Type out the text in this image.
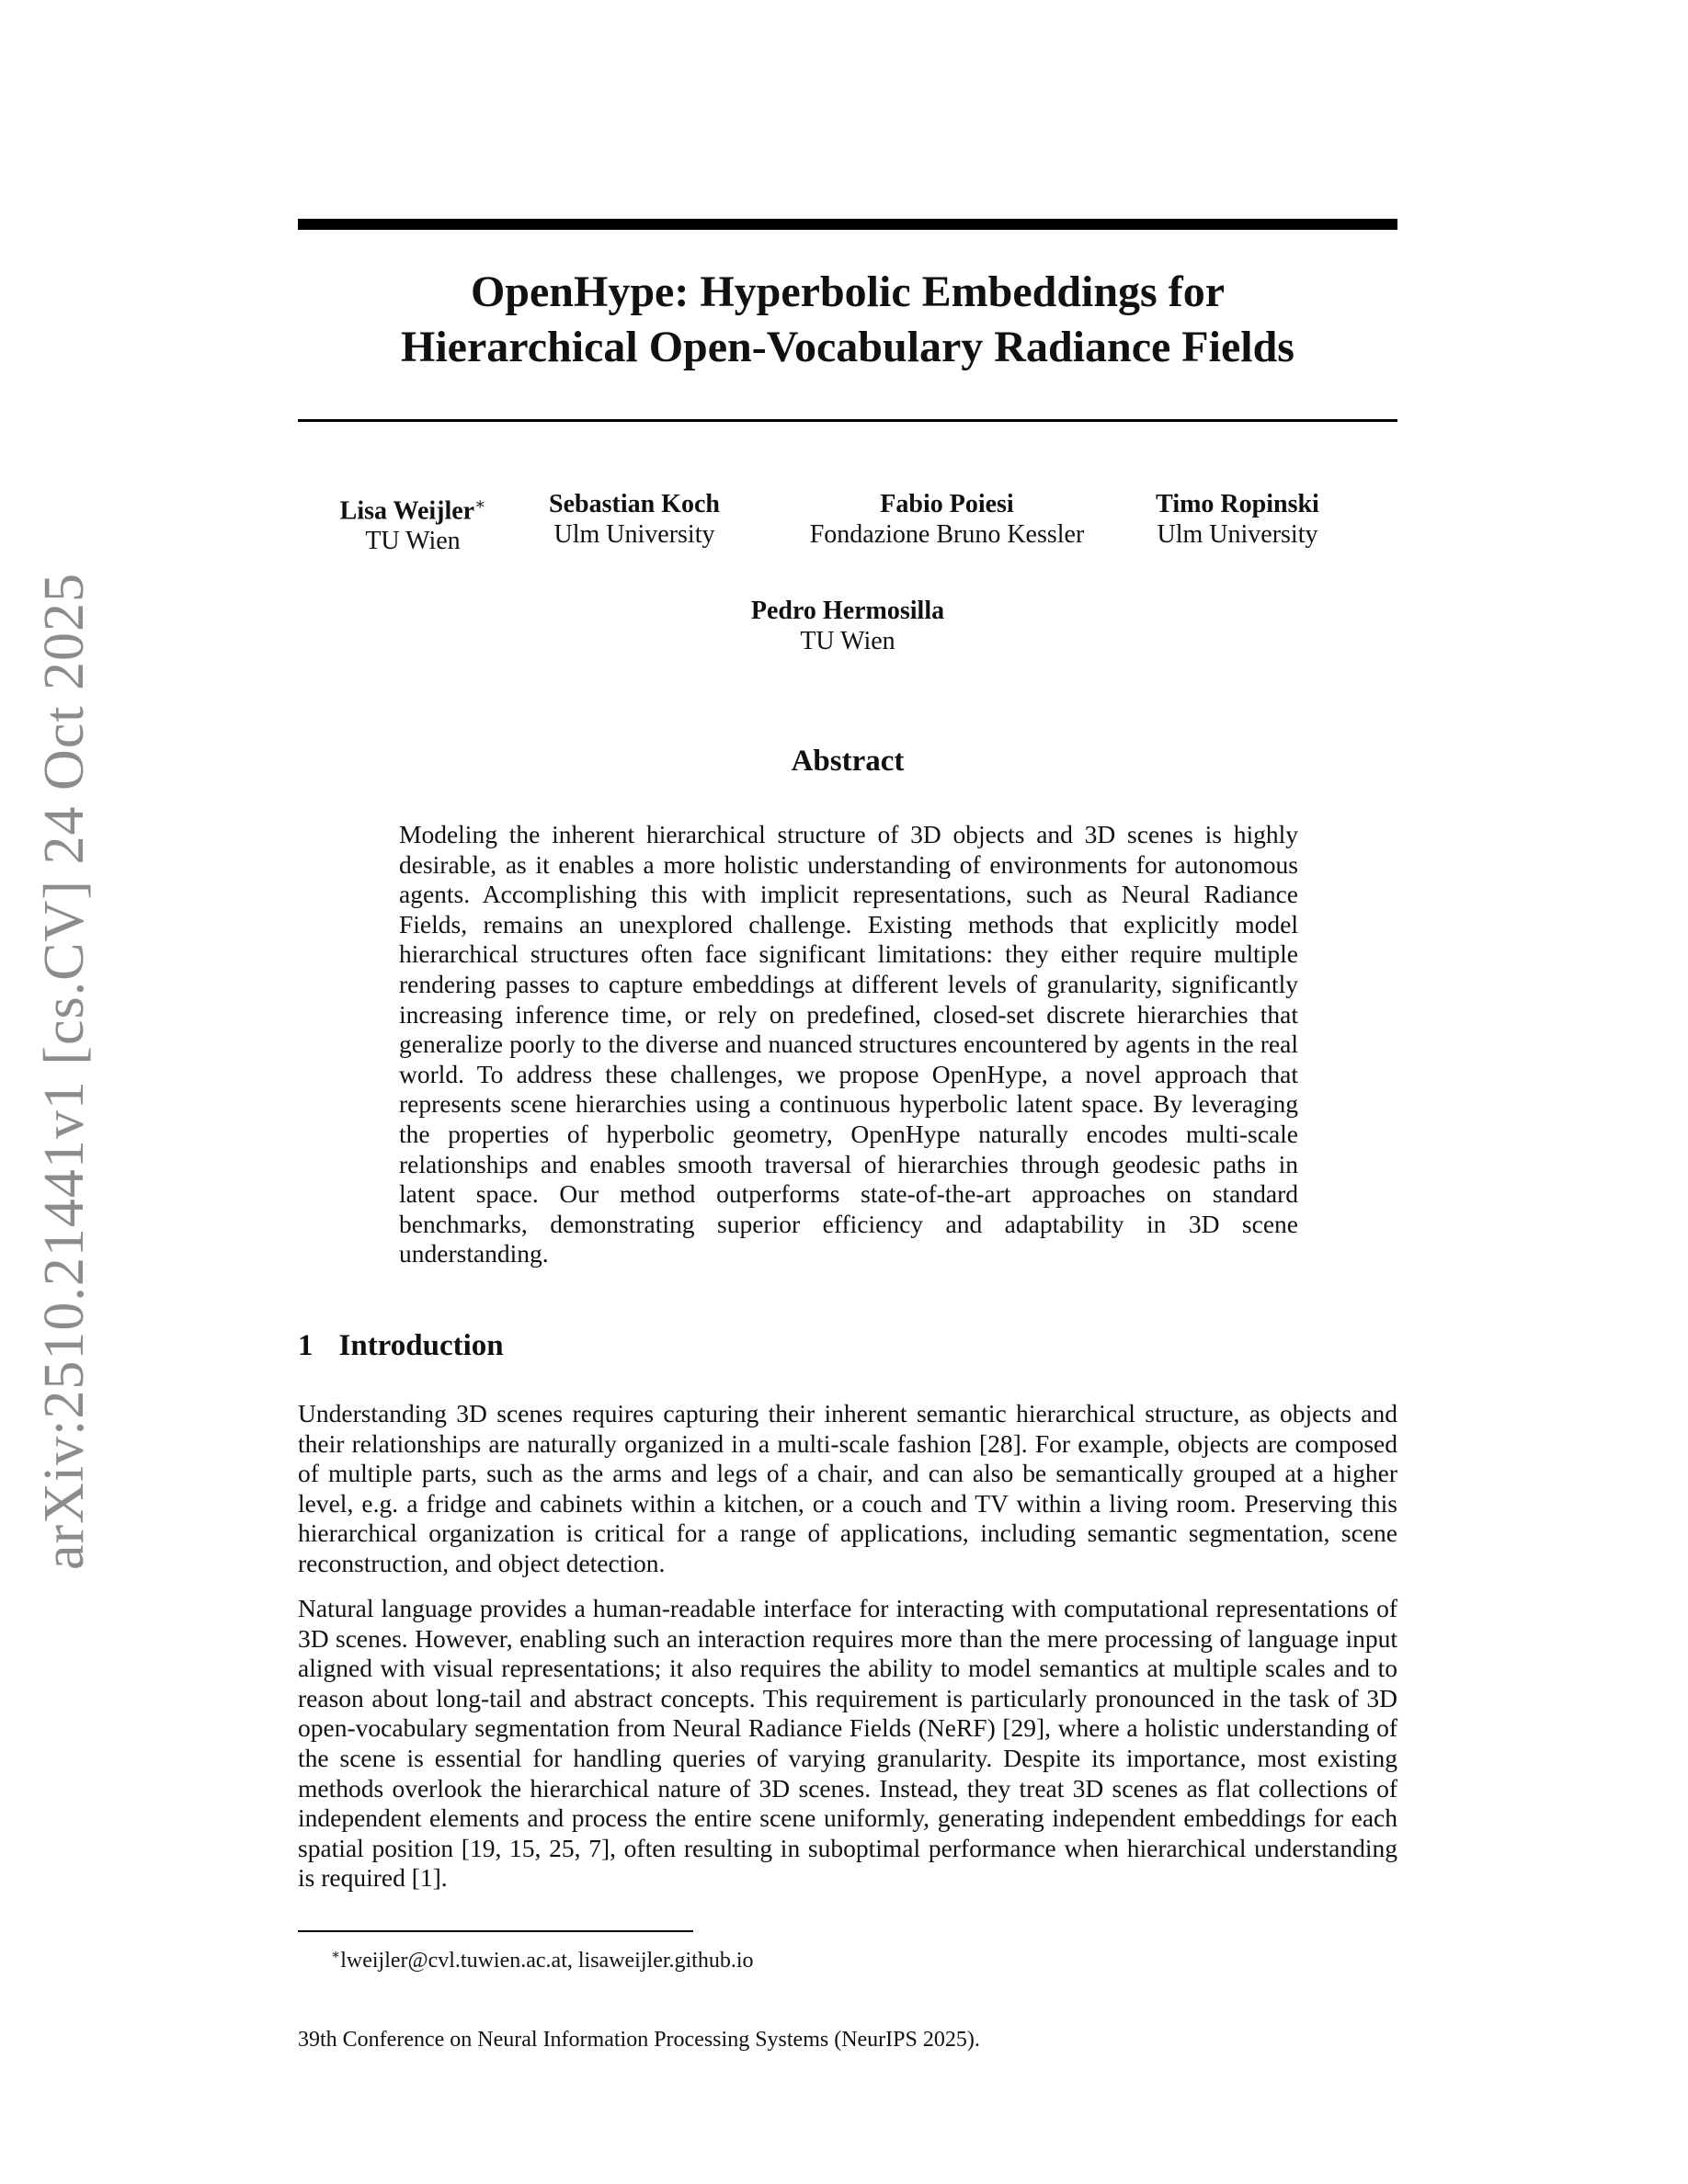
arXiv:2510.21441v1 [cs.CV] 24 Oct 2025
OpenHype: Hyperbolic Embeddings for
Hierarchical Open-Vocabulary Radiance Fields
Lisa Weijler∗
TU Wien
Sebastian Koch
Ulm University
Fabio Poiesi
Fondazione Bruno Kessler
Timo Ropinski
Ulm University
Pedro Hermosilla
TU Wien
Abstract
Modeling the inherent hierarchical structure of 3D objects and 3D scenes is highly desirable, as it enables a more holistic understanding of environments for autonomous agents. Accomplishing this with implicit representations, such as Neural Radiance Fields, remains an unexplored challenge. Existing methods that explicitly model hierarchical structures often face significant limitations: they either require multiple rendering passes to capture embeddings at different levels of granularity, significantly increasing inference time, or rely on predefined, closed-set discrete hierarchies that generalize poorly to the diverse and nuanced structures encountered by agents in the real world. To address these challenges, we propose OpenHype, a novel approach that represents scene hierarchies using a continuous hyperbolic latent space. By leveraging the properties of hyperbolic geometry, OpenHype naturally encodes multi-scale relationships and enables smooth traversal of hierarchies through geodesic paths in latent space. Our method outperforms state-of-the-art approaches on standard benchmarks, demonstrating superior efficiency and adaptability in 3D scene understanding.
1 Introduction
Understanding 3D scenes requires capturing their inherent semantic hierarchical structure, as objects and their relationships are naturally organized in a multi-scale fashion [28]. For example, objects are composed of multiple parts, such as the arms and legs of a chair, and can also be semantically grouped at a higher level, e.g. a fridge and cabinets within a kitchen, or a couch and TV within a living room. Preserving this hierarchical organization is critical for a range of applications, including semantic segmentation, scene reconstruction, and object detection.
Natural language provides a human-readable interface for interacting with computational representations of 3D scenes. However, enabling such an interaction requires more than the mere processing of language input aligned with visual representations; it also requires the ability to model semantics at multiple scales and to reason about long-tail and abstract concepts. This requirement is particularly pronounced in the task of 3D open-vocabulary segmentation from Neural Radiance Fields (NeRF) [29], where a holistic understanding of the scene is essential for handling queries of varying granularity. Despite its importance, most existing methods overlook the hierarchical nature of 3D scenes. Instead, they treat 3D scenes as flat collections of independent elements and process the entire scene uniformly, generating independent embeddings for each spatial position [19, 15, 25, 7], often resulting in suboptimal performance when hierarchical understanding is required [1].
∗lweijler@cvl.tuwien.ac.at, lisaweijler.github.io
39th Conference on Neural Information Processing Systems (NeurIPS 2025).
